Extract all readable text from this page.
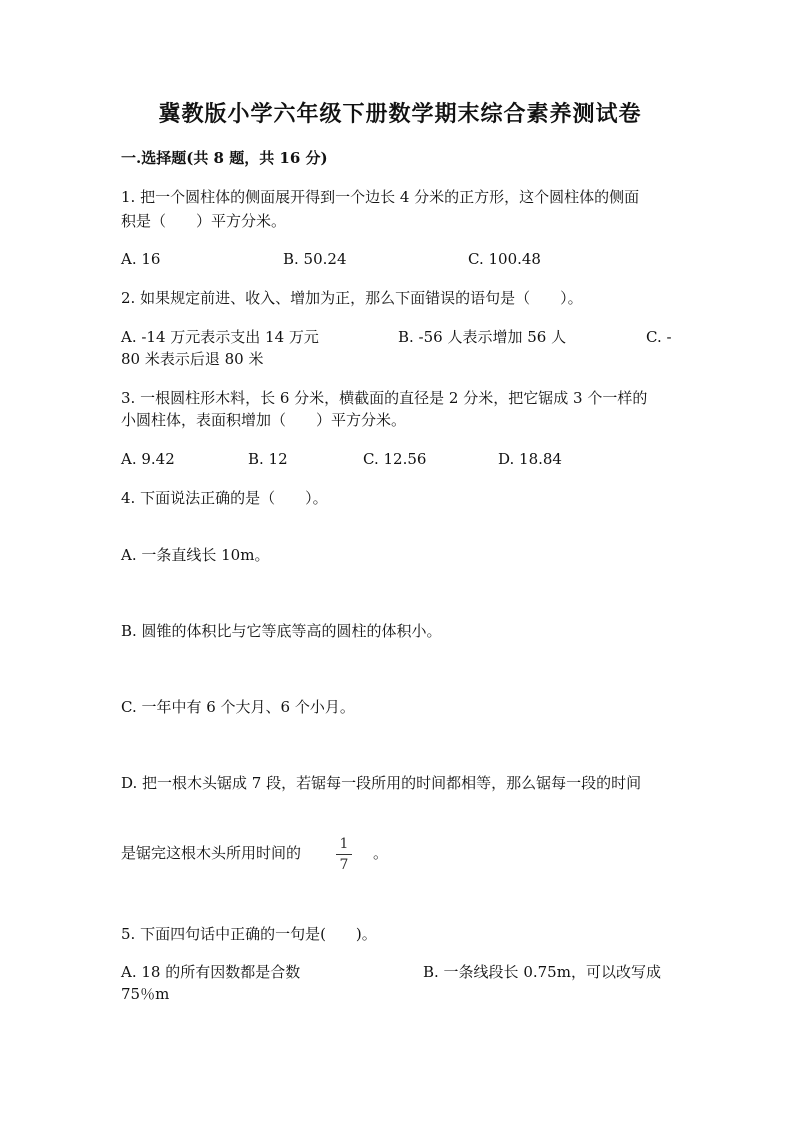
冀教版小学六年级下册数学期末综合素养测试卷
一.选择题(共 8 题，共 16 分)
1. 把一个圆柱体的侧面展开得到一个边长 4 分米的正方形，这个圆柱体的侧面
积是（　　）平方分米。
A. 16	B. 50.24	C. 100.48
2. 如果规定前进、收入、增加为正，那么下面错误的语句是（　　）。
A. -14 万元表示支出 14 万元	B. -56 人表示增加 56 人	C. -
80 米表示后退 80 米
3. 一根圆柱形木料，长 6 分米，横截面的直径是 2 分米，把它锯成 3 个一样的
小圆柱体，表面积增加（　　）平方分米。
A. 9.42	B. 12	C. 12.56	D. 18.84
4. 下面说法正确的是（　　）。
A. 一条直线长 10m。
B. 圆锥的体积比与它等底等高的圆柱的体积小。
C. 一年中有 6 个大月、6 个小月。
D. 把一根木头锯成 7 段，若锯每一段所用的时间都相等，那么锯每一段的时间
是锯完这根木头所用时间的	1
7
。
5. 下面四句话中正确的一句是(　　)。
A. 18 的所有因数都是合数	B. 一条线段长 0.75m，可以改写成
75％m
